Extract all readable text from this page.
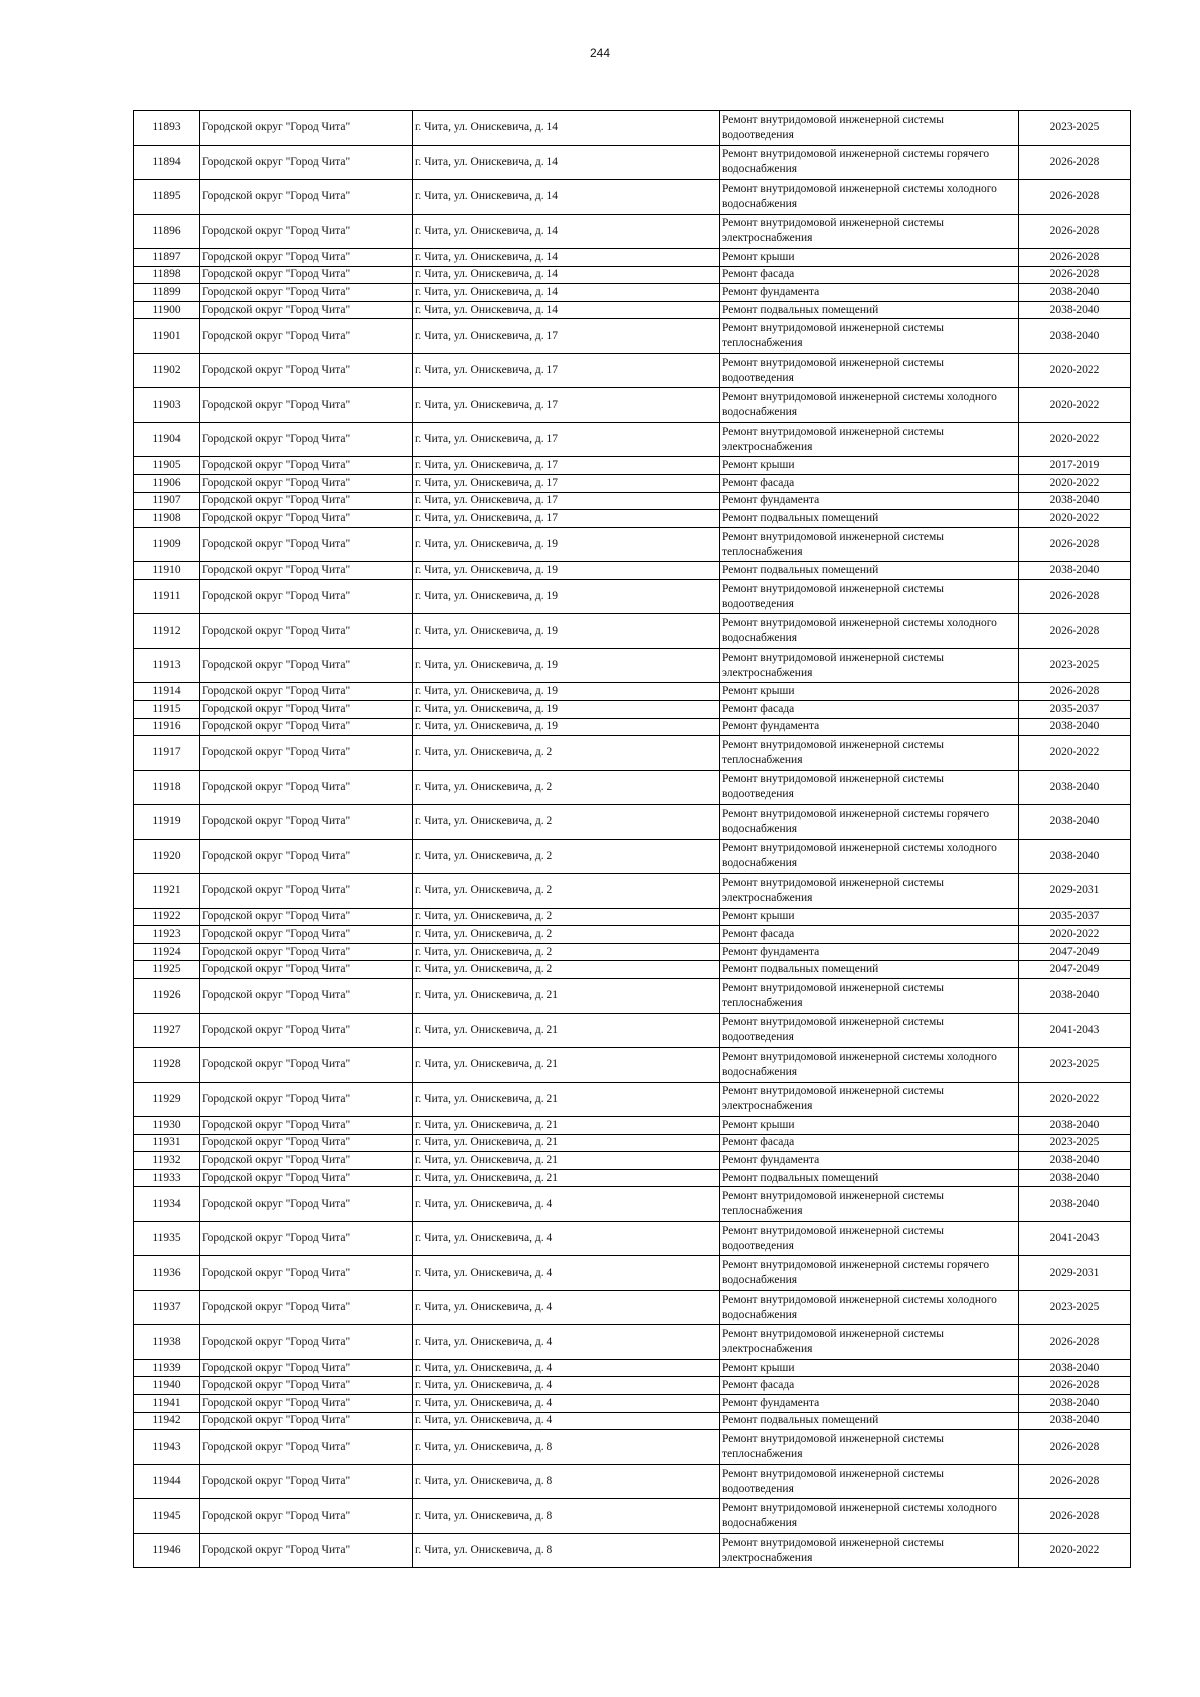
244
11893	Городской округ "Город Чита"	г. Чита, ул. Онискевича, д. 14	Ремонт внутридомовой инженерной системы водоотведения	2023-2025
11894	Городской округ "Город Чита"	г. Чита, ул. Онискевича, д. 14	Ремонт внутридомовой инженерной системы горячего водоснабжения	2026-2028
11895	Городской округ "Город Чита"	г. Чита, ул. Онискевича, д. 14	Ремонт внутридомовой инженерной системы холодного водоснабжения	2026-2028
11896	Городской округ "Город Чита"	г. Чита, ул. Онискевича, д. 14	Ремонт внутридомовой инженерной системы электроснабжения	2026-2028
11897	Городской округ "Город Чита"	г. Чита, ул. Онискевича, д. 14	Ремонт крыши	2026-2028
11898	Городской округ "Город Чита"	г. Чита, ул. Онискевича, д. 14	Ремонт фасада	2026-2028
11899	Городской округ "Город Чита"	г. Чита, ул. Онискевича, д. 14	Ремонт фундамента	2038-2040
11900	Городской округ "Город Чита"	г. Чита, ул. Онискевича, д. 14	Ремонт подвальных помещений	2038-2040
11901	Городской округ "Город Чита"	г. Чита, ул. Онискевича, д. 17	Ремонт внутридомовой инженерной системы теплоснабжения	2038-2040
11902	Городской округ "Город Чита"	г. Чита, ул. Онискевича, д. 17	Ремонт внутридомовой инженерной системы водоотведения	2020-2022
11903	Городской округ "Город Чита"	г. Чита, ул. Онискевича, д. 17	Ремонт внутридомовой инженерной системы холодного водоснабжения	2020-2022
11904	Городской округ "Город Чита"	г. Чита, ул. Онискевича, д. 17	Ремонт внутридомовой инженерной системы электроснабжения	2020-2022
11905	Городской округ "Город Чита"	г. Чита, ул. Онискевича, д. 17	Ремонт крыши	2017-2019
11906	Городской округ "Город Чита"	г. Чита, ул. Онискевича, д. 17	Ремонт фасада	2020-2022
11907	Городской округ "Город Чита"	г. Чита, ул. Онискевича, д. 17	Ремонт фундамента	2038-2040
11908	Городской округ "Город Чита"	г. Чита, ул. Онискевича, д. 17	Ремонт подвальных помещений	2020-2022
11909	Городской округ "Город Чита"	г. Чита, ул. Онискевича, д. 19	Ремонт внутридомовой инженерной системы теплоснабжения	2026-2028
11910	Городской округ "Город Чита"	г. Чита, ул. Онискевича, д. 19	Ремонт подвальных помещений	2038-2040
11911	Городской округ "Город Чита"	г. Чита, ул. Онискевича, д. 19	Ремонт внутридомовой инженерной системы водоотведения	2026-2028
11912	Городской округ "Город Чита"	г. Чита, ул. Онискевича, д. 19	Ремонт внутридомовой инженерной системы холодного водоснабжения	2026-2028
11913	Городской округ "Город Чита"	г. Чита, ул. Онискевича, д. 19	Ремонт внутридомовой инженерной системы электроснабжения	2023-2025
11914	Городской округ "Город Чита"	г. Чита, ул. Онискевича, д. 19	Ремонт крыши	2026-2028
11915	Городской округ "Город Чита"	г. Чита, ул. Онискевича, д. 19	Ремонт фасада	2035-2037
11916	Городской округ "Город Чита"	г. Чита, ул. Онискевича, д. 19	Ремонт фундамента	2038-2040
11917	Городской округ "Город Чита"	г. Чита, ул. Онискевича, д. 2	Ремонт внутридомовой инженерной системы теплоснабжения	2020-2022
11918	Городской округ "Город Чита"	г. Чита, ул. Онискевича, д. 2	Ремонт внутридомовой инженерной системы водоотведения	2038-2040
11919	Городской округ "Город Чита"	г. Чита, ул. Онискевича, д. 2	Ремонт внутридомовой инженерной системы горячего водоснабжения	2038-2040
11920	Городской округ "Город Чита"	г. Чита, ул. Онискевича, д. 2	Ремонт внутридомовой инженерной системы холодного водоснабжения	2038-2040
11921	Городской округ "Город Чита"	г. Чита, ул. Онискевича, д. 2	Ремонт внутридомовой инженерной системы электроснабжения	2029-2031
11922	Городской округ "Город Чита"	г. Чита, ул. Онискевича, д. 2	Ремонт крыши	2035-2037
11923	Городской округ "Город Чита"	г. Чита, ул. Онискевича, д. 2	Ремонт фасада	2020-2022
11924	Городской округ "Город Чита"	г. Чита, ул. Онискевича, д. 2	Ремонт фундамента	2047-2049
11925	Городской округ "Город Чита"	г. Чита, ул. Онискевича, д. 2	Ремонт подвальных помещений	2047-2049
11926	Городской округ "Город Чита"	г. Чита, ул. Онискевича, д. 21	Ремонт внутридомовой инженерной системы теплоснабжения	2038-2040
11927	Городской округ "Город Чита"	г. Чита, ул. Онискевича, д. 21	Ремонт внутридомовой инженерной системы водоотведения	2041-2043
11928	Городской округ "Город Чита"	г. Чита, ул. Онискевича, д. 21	Ремонт внутридомовой инженерной системы холодного водоснабжения	2023-2025
11929	Городской округ "Город Чита"	г. Чита, ул. Онискевича, д. 21	Ремонт внутридомовой инженерной системы электроснабжения	2020-2022
11930	Городской округ "Город Чита"	г. Чита, ул. Онискевича, д. 21	Ремонт крыши	2038-2040
11931	Городской округ "Город Чита"	г. Чита, ул. Онискевича, д. 21	Ремонт фасада	2023-2025
11932	Городской округ "Город Чита"	г. Чита, ул. Онискевича, д. 21	Ремонт фундамента	2038-2040
11933	Городской округ "Город Чита"	г. Чита, ул. Онискевича, д. 21	Ремонт подвальных помещений	2038-2040
11934	Городской округ "Город Чита"	г. Чита, ул. Онискевича, д. 4	Ремонт внутридомовой инженерной системы теплоснабжения	2038-2040
11935	Городской округ "Город Чита"	г. Чита, ул. Онискевича, д. 4	Ремонт внутридомовой инженерной системы водоотведения	2041-2043
11936	Городской округ "Город Чита"	г. Чита, ул. Онискевича, д. 4	Ремонт внутридомовой инженерной системы горячего водоснабжения	2029-2031
11937	Городской округ "Город Чита"	г. Чита, ул. Онискевича, д. 4	Ремонт внутридомовой инженерной системы холодного водоснабжения	2023-2025
11938	Городской округ "Город Чита"	г. Чита, ул. Онискевича, д. 4	Ремонт внутридомовой инженерной системы электроснабжения	2026-2028
11939	Городской округ "Город Чита"	г. Чита, ул. Онискевича, д. 4	Ремонт крыши	2038-2040
11940	Городской округ "Город Чита"	г. Чита, ул. Онискевича, д. 4	Ремонт фасада	2026-2028
11941	Городской округ "Город Чита"	г. Чита, ул. Онискевича, д. 4	Ремонт фундамента	2038-2040
11942	Городской округ "Город Чита"	г. Чита, ул. Онискевича, д. 4	Ремонт подвальных помещений	2038-2040
11943	Городской округ "Город Чита"	г. Чита, ул. Онискевича, д. 8	Ремонт внутридомовой инженерной системы теплоснабжения	2026-2028
11944	Городской округ "Город Чита"	г. Чита, ул. Онискевича, д. 8	Ремонт внутридомовой инженерной системы водоотведения	2026-2028
11945	Городской округ "Город Чита"	г. Чита, ул. Онискевича, д. 8	Ремонт внутридомовой инженерной системы холодного водоснабжения	2026-2028
11946	Городской округ "Город Чита"	г. Чита, ул. Онискевича, д. 8	Ремонт внутридомовой инженерной системы электроснабжения	2020-2022
